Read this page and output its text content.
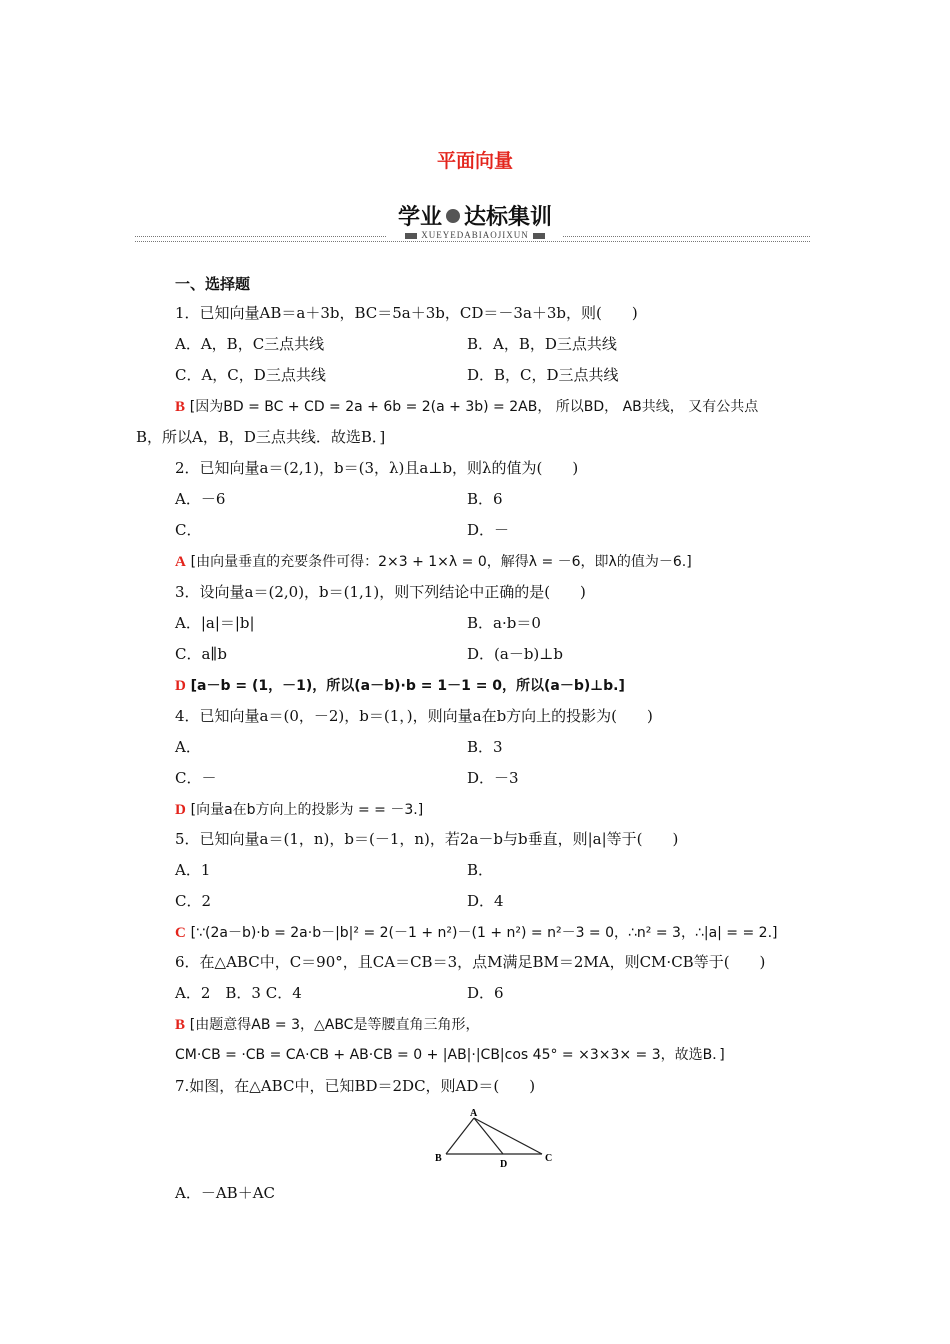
平面向量
学业 达标集训
XUEYEDABIAOJIXUN
一、选择题
1．已知向量AB＝a＋3b，BC＝5a＋3b，CD＝－3a＋3b，则(　　)
A．A，B，C三点共线	B．A，B，D三点共线
C．A，C，D三点共线	D．B，C，D三点共线
B [因为BD = BC + CD = 2a + 6b = 2(a + 3b) = 2AB， 所以BD， AB共线， 又有公共点
B，所以A，B，D三点共线．故选B．]
2．已知向量a＝(2,1)，b＝(3，λ)且a⊥b，则λ的值为(　　)
A．－6	B．6
C．	D．－
A [由向量垂直的充要条件可得：2×3 + 1×λ = 0，解得λ = －6，即λ的值为－6.]
3．设向量a＝(2,0)，b＝(1,1)，则下列结论中正确的是(　　)
A．|a|＝|b|	B．a·b＝0
C．a∥b	D．(a－b)⊥b
D [a－b = (1，－1)，所以(a－b)·b = 1－1 = 0，所以(a－b)⊥b.]
4．已知向量a＝(0，－2)，b＝(1，)，则向量a在b方向上的投影为(　　)
A．	B．3
C．－	D．－3
D [向量a在b方向上的投影为 = = －3.]
5．已知向量a＝(1，n)，b＝(－1，n)，若2a－b与b垂直，则|a|等于(　　)
A．1	B．
C．2	D．4
C [∵(2a－b)·b = 2a·b－|b|² = 2(－1 + n²)－(1 + n²) = n²－3 = 0，∴n² = 3，∴|a| = = 2.]
6．在△ABC中，C＝90°，且CA＝CB＝3，点M满足BM＝2MA，则CM·CB等于(　　)
A．2　B．3 C．4	D．6
B [由题意得AB = 3，△ABC是等腰直角三角形，
CM·CB = ·CB = CA·CB + AB·CB = 0 + |AB|·|CB|cos 45° = ×3×3× = 3，故选B．]
7.如图，在△ABC中，已知BD＝2DC，则AD＝(　　)
A
B	C
D
A．－AB＋AC
